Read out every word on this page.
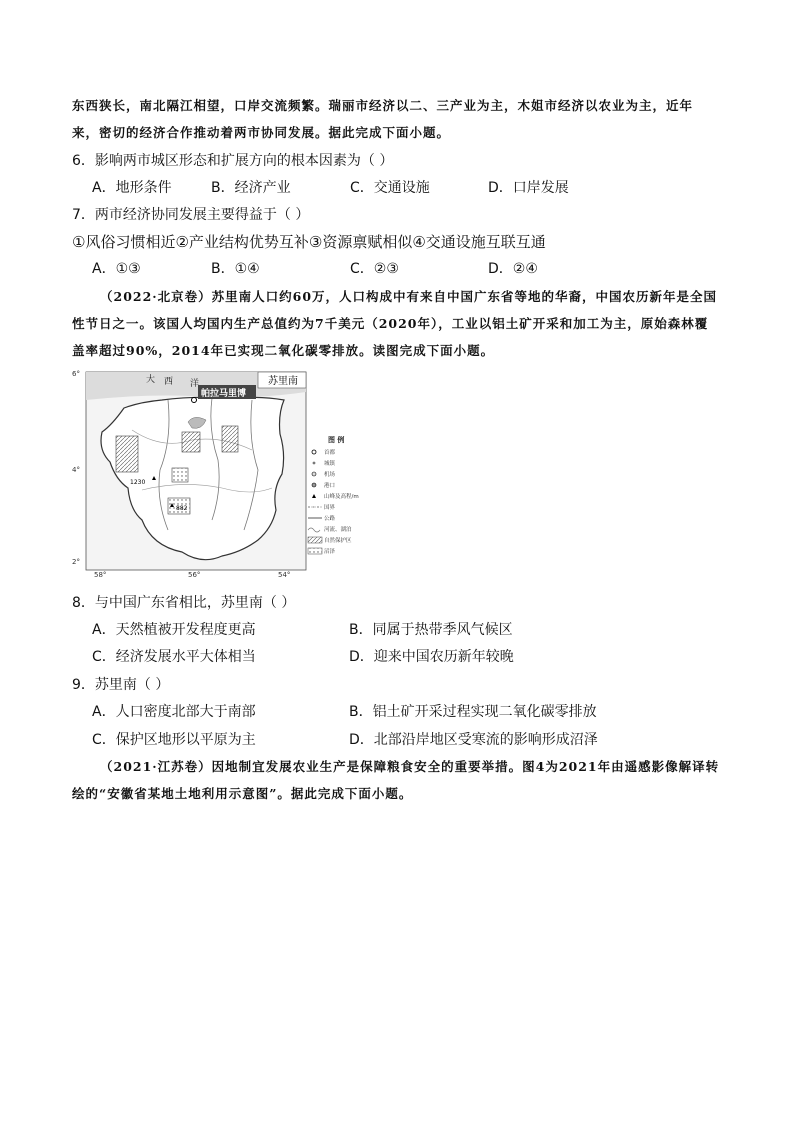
东西狭长，南北隔江相望，口岸交流频繁。瑞丽市经济以二、三产业为主，木姐市经济以农业为主，近年
来，密切的经济合作推动着两市协同发展。据此完成下面小题。
6．影响两市城区形态和扩展方向的根本因素为（ ）
A．地形条件	B．经济产业	C．交通设施	D．口岸发展
7．两市经济协同发展主要得益于（ ）
①风俗习惯相近②产业结构优势互补③资源禀赋相似④交通设施互联互通
A．①③	B．①④	C．②③	D．②④
（2022·北京卷）苏里南人口约60万，人口构成中有来自中国广东省等地的华裔，中国农历新年是全国
性节日之一。该国人均国内生产总值约为7千美元（2020年），工业以铝土矿开采和加工为主，原始森林覆
盖率超过90%，2014年已实现二氧化碳零排放。读图完成下面小题。
帕拉马里博
苏里南
大 西 洋
1230
882
6°
4°
2°
58°	56°	54°
图 例
首都
城镇
机场
港口
山峰及高程/m
国界
公路
河流、湖泊
自然保护区
沼泽
8．与中国广东省相比，苏里南（ ）
A．天然植被开发程度更高	B．同属于热带季风气候区
C．经济发展水平大体相当	D．迎来中国农历新年较晚
9．苏里南（ ）
A．人口密度北部大于南部	B．铝土矿开采过程实现二氧化碳零排放
C．保护区地形以平原为主	D．北部沿岸地区受寒流的影响形成沼泽
（2021·江苏卷）因地制宜发展农业生产是保障粮食安全的重要举措。图4为2021年由遥感影像解译转
绘的“安徽省某地土地利用示意图”。据此完成下面小题。
